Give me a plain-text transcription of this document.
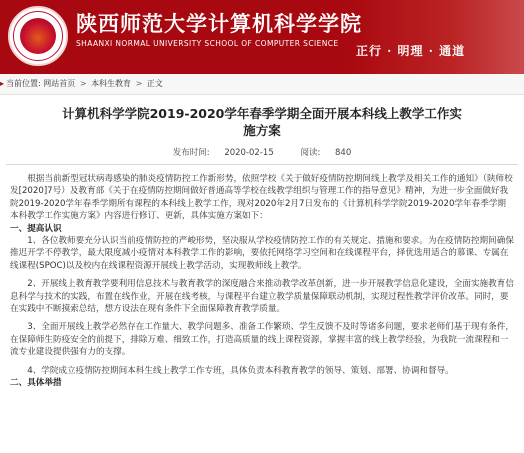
陕西师范大学计算机科学学院
SHAANXI NORMAL UNIVERSITY SCHOOL OF COMPUTER SCIENCE
正行 · 明理 · 通道
▸ 当前位置: 网站首页 > 本科生教育 > 正文
计算机科学学院2019-2020学年春季学期全面开展本科线上教学工作实施方案
发布时间: 2020-02-15	阅读: 840

根据当前新型冠状病毒感染的肺炎疫情防控工作新形势，依照学校《关于做好疫情防控期间线上教学及相关工作的通知》（陕师校发[2020]7号）及教育部《关于在疫情防控期间做好普通高等学校在线教学组织与管理工作的指导意见》精神，为进一步全面做好我院2019-2020学年春季学期所有课程的本科线上教学工作，现对2020年2月7日发布的《计算机科学学院2019-2020学年春季学期本科教学工作实施方案》内容进行修订、更新，具体实施方案如下：

一、提高认识

1、各位教师要充分认识当前疫情防控的严峻形势，坚决服从学校疫情防控工作的有关规定、措施和要求。为在疫情防控期间确保推迟开学不停教学，最大限度减小疫情对本科教学工作的影响，要依托网络学习空间和在线课程平台，择优选用适合的慕课、专属在线课程(SPOC)以及校内在线课程资源开展线上教学活动，实现教师线上教学。

2、开展线上教育教学要利用信息技术与教育教学的深度融合来推动教学改革创新，进一步开展教学信息化建设，全面实施教育信息科学与技术的实践，布置在线作业，开展在线考核，与课程平台建立教学质量保障联动机制，实现过程性教学评价改革。同时，要在实践中不断摸索总结，想方设法在现有条件下全面保障教育教学质量。

3、全面开展线上教学必然存在工作量大、教学问题多、准备工作繁琐、学生反馈不及时等诸多问题，要求老师们基于现有条件，在保障师生防疫安全的前提下，排除万难、细致工作，打造高质量的线上课程资源，掌握丰富的线上教学经验，为我院一流课程和一流专业建设提供强有力的支撑。

4、学院成立疫情防控期间本科生线上教学工作专班，具体负责本科教育教学的领导、策划、部署、协调和督导。

二、具体举措
